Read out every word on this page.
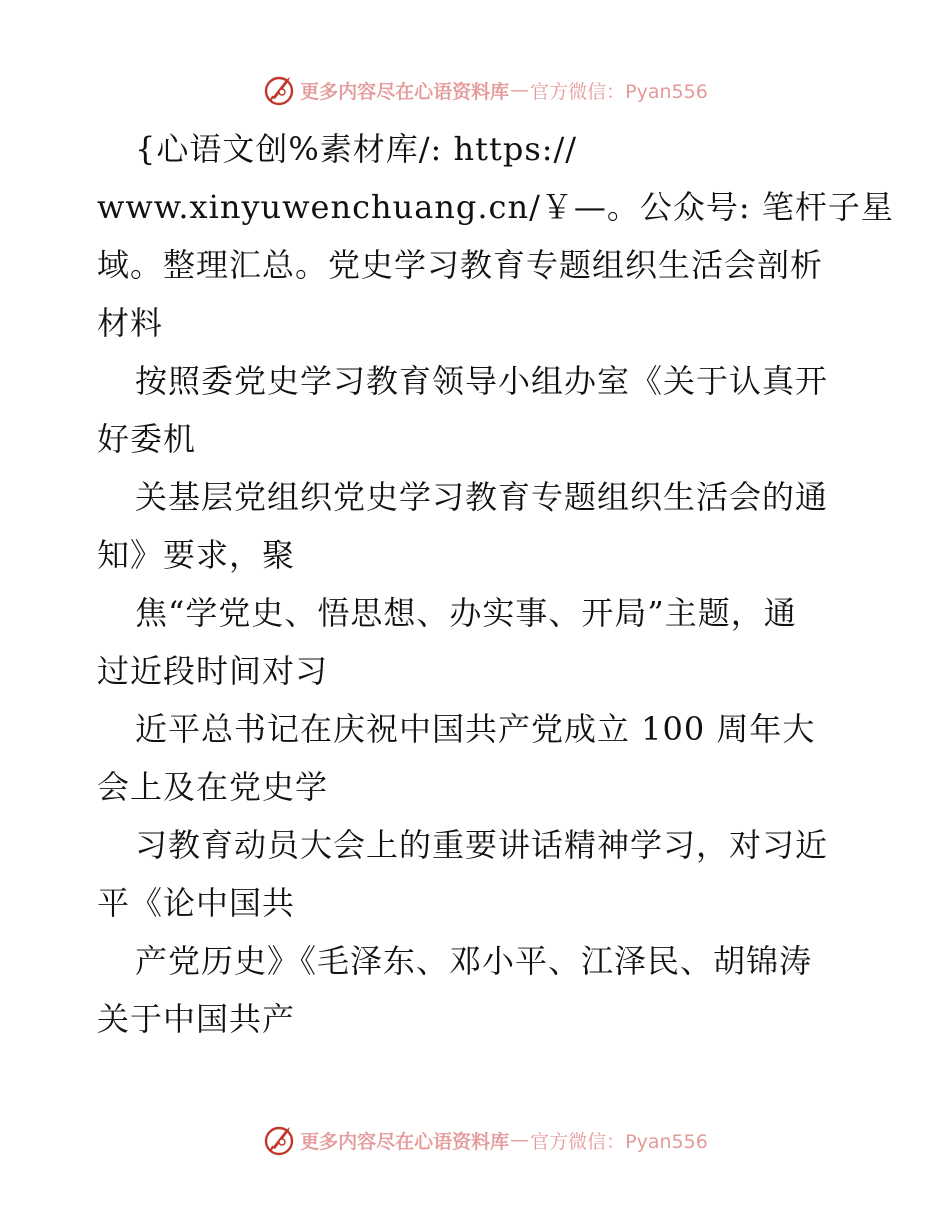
更多内容尽在心语资料库 — 官方微信：Pyan556
{心语文创%素材库/: https://
www.xinyuwenchuang.cn/￥—。公众号: 笔杆子星
域。整理汇总。党史学习教育专题组织生活会剖析
材料
按照委党史学习教育领导小组办室《关于认真开
好委机
关基层党组织党史学习教育专题组织生活会的通
知》要求，聚
焦“学党史、悟思想、办实事、开局”主题，通
过近段时间对习
近平总书记在庆祝中国共产党成立 100 周年大
会上及在党史学
习教育动员大会上的重要讲话精神学习，对习近
平《论中国共
产党历史》《毛泽东、邓小平、江泽民、胡锦涛
关于中国共产
更多内容尽在心语资料库 — 官方微信：Pyan556
